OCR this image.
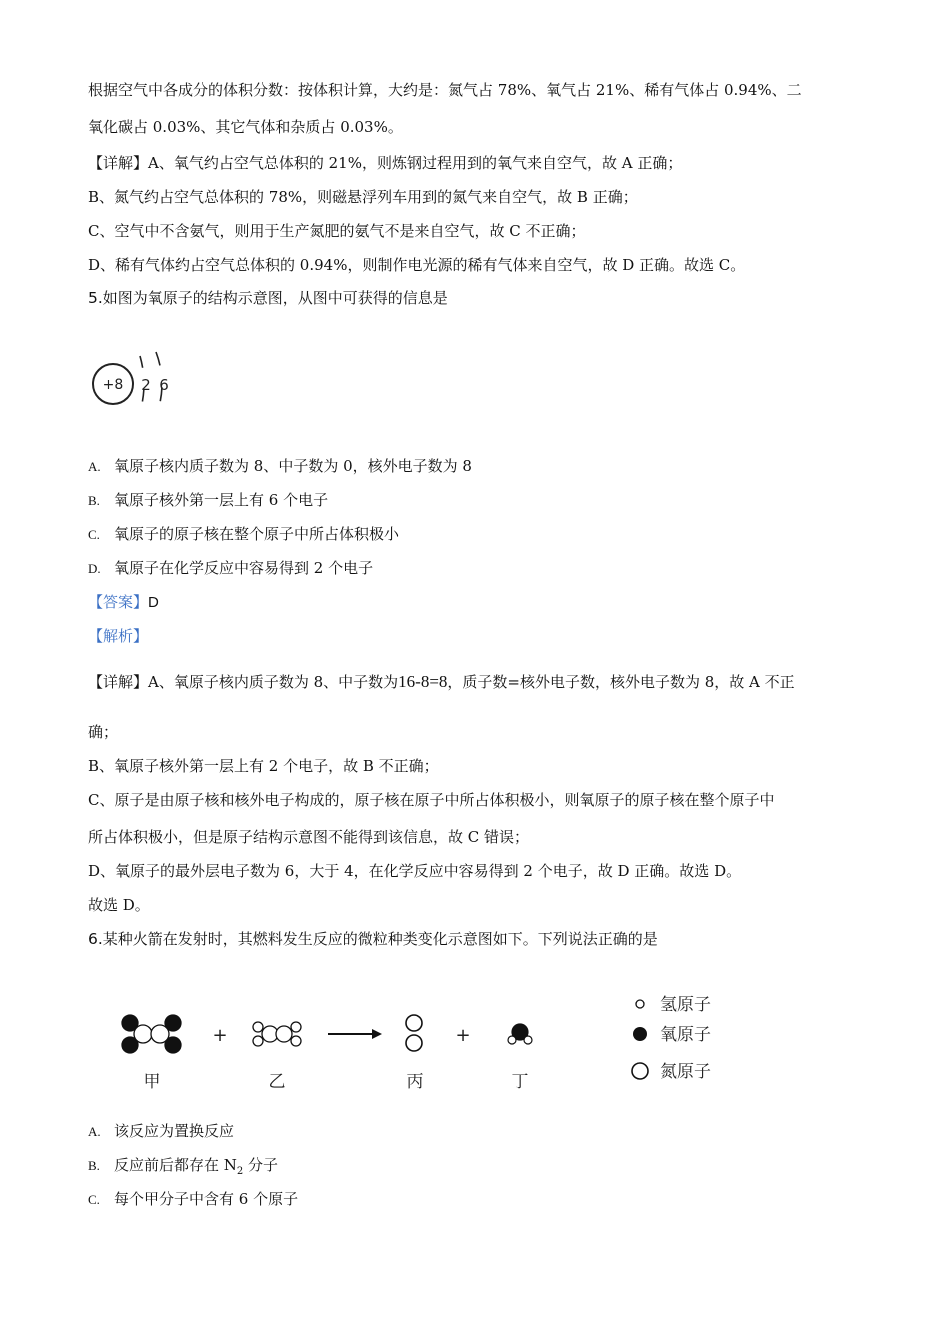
根据空气中各成分的体积分数：按体积计算，大约是：氮气占 78%、氧气占 21%、稀有气体占 0.94%、二
氧化碳占 0.03%、其它气体和杂质占 0.03%。
【详解】A、氧气约占空气总体积的 21%，则炼钢过程用到的氧气来自空气，故 A 正确；
B、氮气约占空气总体积的 78%，则磁悬浮列车用到的氮气来自空气，故 B 正确；
C、空气中不含氨气，则用于生产氮肥的氨气不是来自空气，故 C 不正确；
D、稀有气体约占空气总体积的 0.94%，则制作电光源的稀有气体来自空气，故 D 正确。故选 C。
5.如图为氧原子的结构示意图，从图中可获得的信息是
+8 2 6
A. 氧原子核内质子数为 8、中子数为 0，核外电子数为 8
B. 氧原子核外第一层上有 6 个电子
C. 氧原子的原子核在整个原子中所占体积极小
D. 氧原子在化学反应中容易得到 2 个电子
【答案】D
【解析】
【详解】A、氧原子核内质子数为 8、中子数为16-8=8，质子数=核外电子数，核外电子数为 8，故 A 不正
确；
B、氧原子核外第一层上有 2 个电子，故 B 不正确；
C、原子是由原子核和核外电子构成的，原子核在原子中所占体积极小，则氧原子的原子核在整个原子中
所占体积极小，但是原子结构示意图不能得到该信息，故 C 错误；
D、氧原子的最外层电子数为 6，大于 4，在化学反应中容易得到 2 个电子，故 D 正确。故选 D。
故选 D。
6.某种火箭在发射时，其燃料发生反应的微粒种类变化示意图如下。下列说法正确的是
+	+
甲	乙	丙	丁
氢原子
氧原子
氮原子
A. 该反应为置换反应
B. 反应前后都存在 $N_2$ 分子
C. 每个甲分子中含有 6 个原子
